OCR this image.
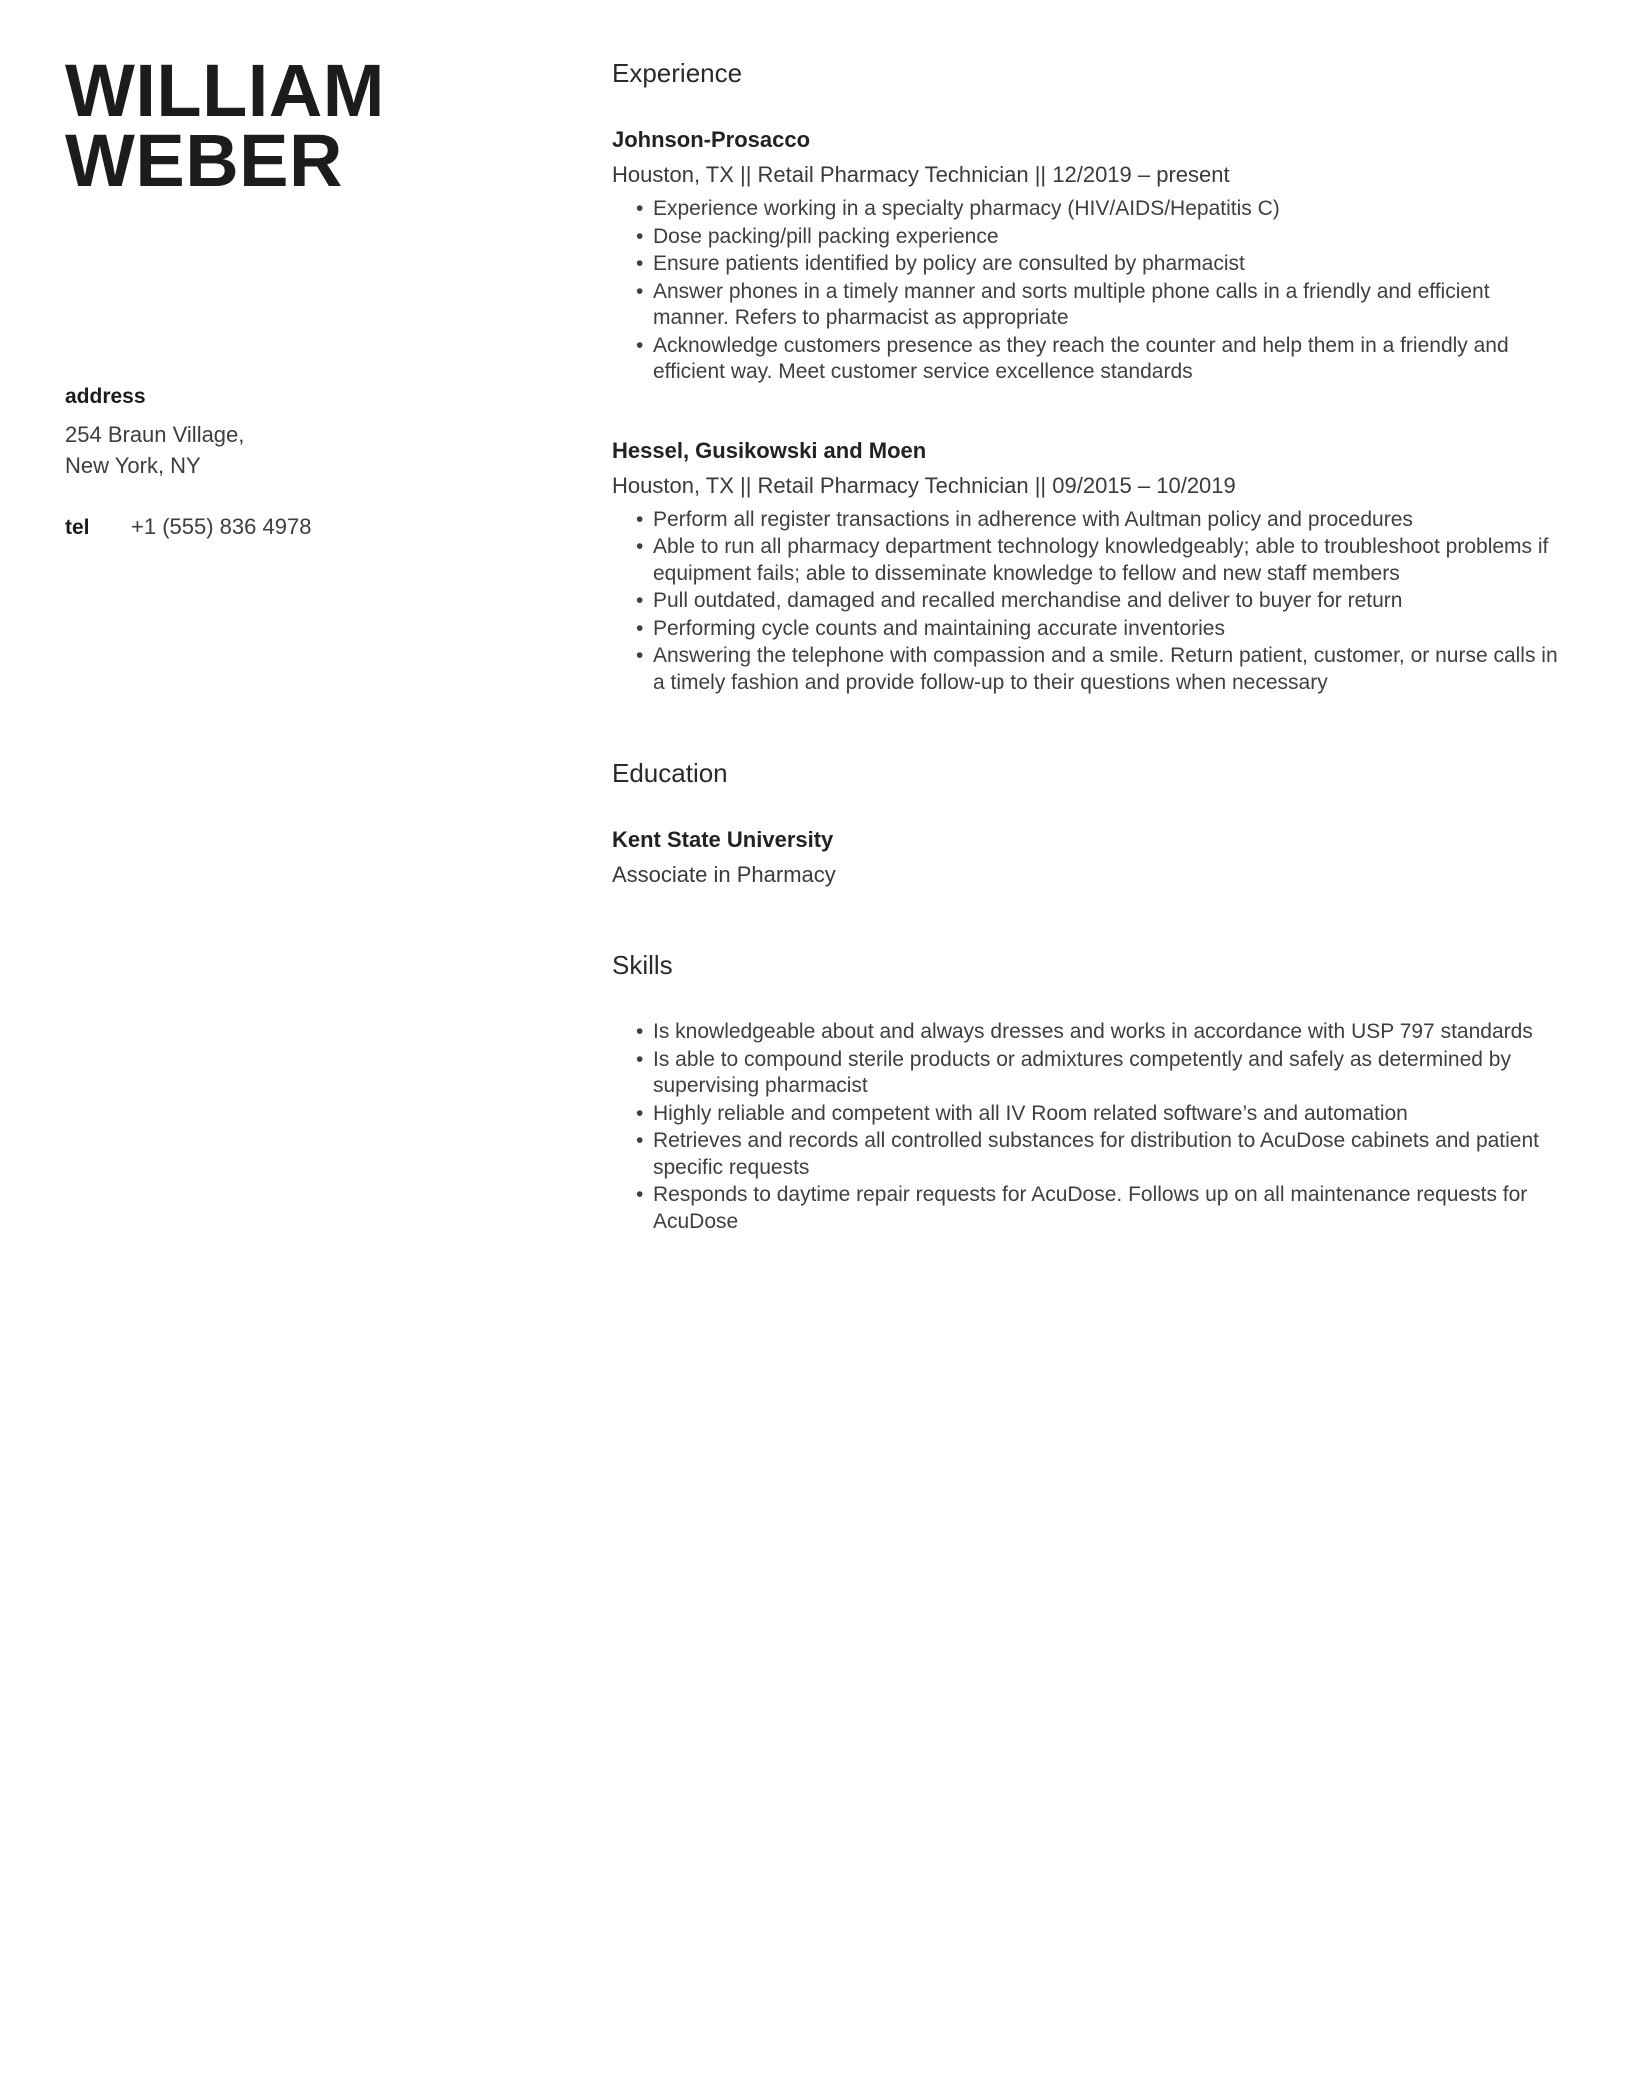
WILLIAM
WEBER
address
254 Braun Village,
New York, NY
tel	+1 (555) 836 4978
Experience
Johnson-Prosacco
Houston, TX || Retail Pharmacy Technician || 12/2019 – present
• Experience working in a specialty pharmacy (HIV/AIDS/Hepatitis C)
• Dose packing/pill packing experience
• Ensure patients identified by policy are consulted by pharmacist
• Answer phones in a timely manner and sorts multiple phone calls in a friendly and efficient manner. Refers to pharmacist as appropriate
• Acknowledge customers presence as they reach the counter and help them in a friendly and efficient way. Meet customer service excellence standards
Hessel, Gusikowski and Moen
Houston, TX || Retail Pharmacy Technician || 09/2015 – 10/2019
• Perform all register transactions in adherence with Aultman policy and procedures
• Able to run all pharmacy department technology knowledgeably; able to troubleshoot problems if equipment fails; able to disseminate knowledge to fellow and new staff members
• Pull outdated, damaged and recalled merchandise and deliver to buyer for return
• Performing cycle counts and maintaining accurate inventories
• Answering the telephone with compassion and a smile. Return patient, customer, or nurse calls in a timely fashion and provide follow-up to their questions when necessary
Education
Kent State University
Associate in Pharmacy
Skills
• Is knowledgeable about and always dresses and works in accordance with USP 797 standards
• Is able to compound sterile products or admixtures competently and safely as determined by supervising pharmacist
• Highly reliable and competent with all IV Room related software’s and automation
• Retrieves and records all controlled substances for distribution to AcuDose cabinets and patient specific requests
• Responds to daytime repair requests for AcuDose. Follows up on all maintenance requests for AcuDose
